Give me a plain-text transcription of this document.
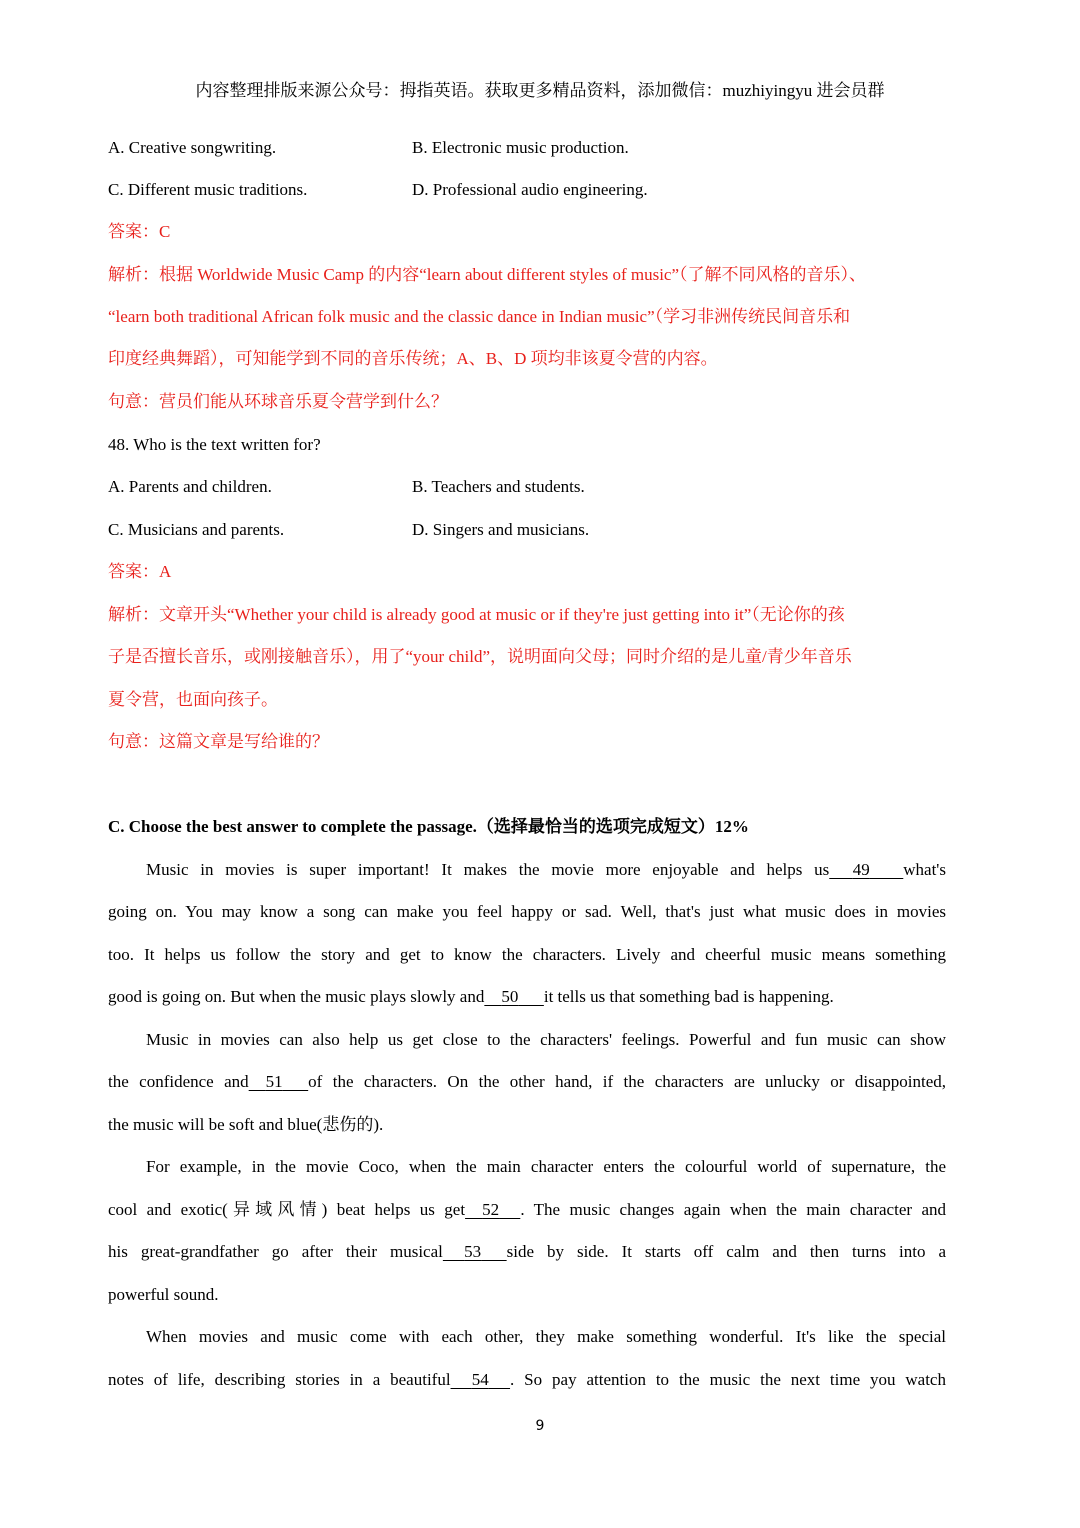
内容整理排版来源公众号：拇指英语。获取更多精品资料，添加微信：muzhiyingyu 进会员群
A. Creative songwriting.	B. Electronic music production.
C. Different music traditions.	D. Professional audio engineering.
答案：C
解析：根据 Worldwide Music Camp 的内容“learn about different styles of music”（了解不同风格的音乐）、
“learn both traditional African folk music and the classic dance in Indian music”（学习非洲传统民间音乐和
印度经典舞蹈），可知能学到不同的音乐传统；A、B、D 项均非该夏令营的内容。
句意：营员们能从环球音乐夏令营学到什么？
48. Who is the text written for?
A. Parents and children.	B. Teachers and students.
C. Musicians and parents.	D. Singers and musicians.
答案：A
解析：文章开头“Whether your child is already good at music or if they're just getting into it”（无论你的孩
子是否擅长音乐，或刚接触音乐），用了“your child”，说明面向父母；同时介绍的是儿童/青少年音乐
夏令营，也面向孩子。
句意：这篇文章是写给谁的？
C. Choose the best answer to complete the passage.（选择最恰当的选项完成短文）12%
Music in movies is super important! It makes the movie more enjoyable and helps us 49 what's
going on. You may know a song can make you feel happy or sad. Well, that's just what music does in movies
too. It helps us follow the story and get to know the characters. Lively and cheerful music means something
good is going on. But when the music plays slowly and 50 it tells us that something bad is happening.
Music in movies can also help us get close to the characters' feelings. Powerful and fun music can show
the confidence and 51 of the characters. On the other hand, if the characters are unlucky or disappointed,
the music will be soft and blue(悲伤的).
For example, in the movie Coco, when the main character enters the colourful world of supernature, the
cool and exotic(异域风情) beat helps us get 52 . The music changes again when the main character and
his great-grandfather go after their musical 53 side by side. It starts off calm and then turns into a
powerful sound.
When movies and music come with each other, they make something wonderful. It's like the special
notes of life, describing stories in a beautiful 54 . So pay attention to the music the next time you watch
9
